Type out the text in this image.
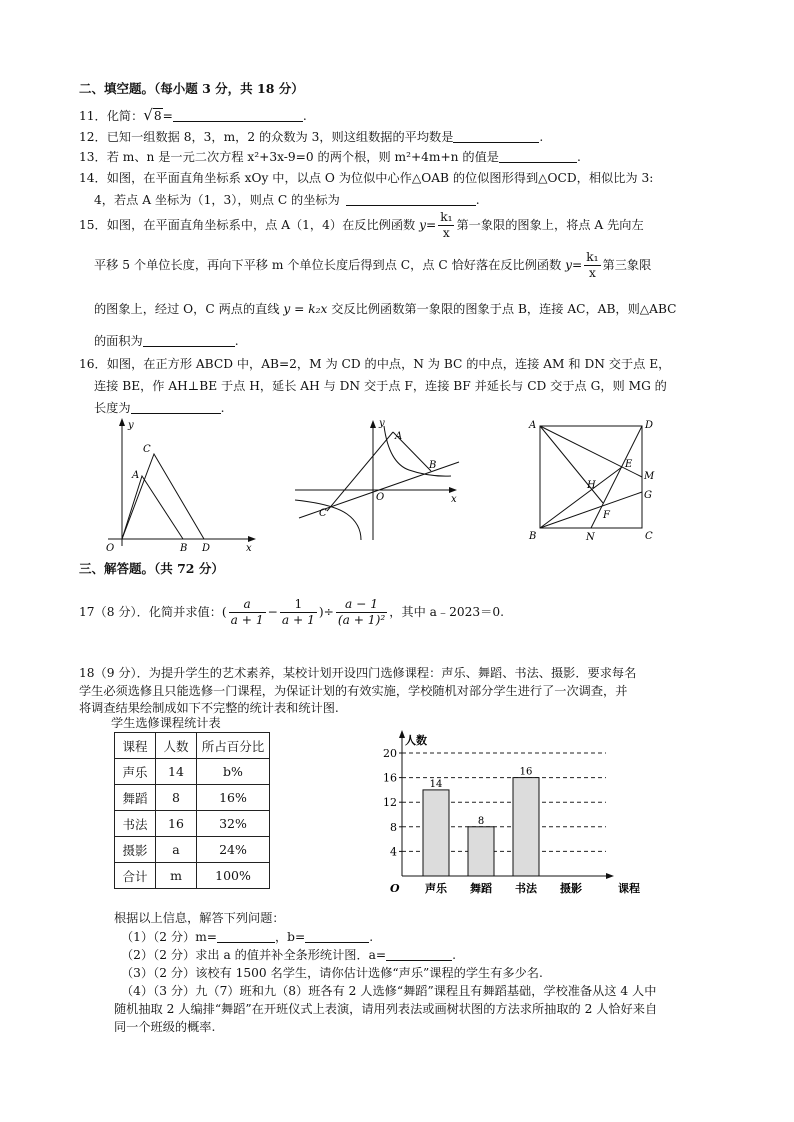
二、填空题。（每小题 3 分，共 18 分）
11．化简：√8=	.
12．已知一组数据 8，3，m，2 的众数为 3，则这组数据的平均数是	.
13．若 m、n 是一元二次方程 x²+3x-9=0 的两个根，则 m²+4m+n 的值是	.
14．如图，在平面直角坐标系 xOy 中，以点 O 为位似中心作△OAB 的位似图形得到△OCD，相似比为 3:
4，若点 A 坐标为（1，3），则点 C 的坐标为	.
15．如图，在平面直角坐标系中，点 A（1，4）在反比例函数 $y= \frac{\text{k₁}}{x}$ 第一象限的图象上，将点 A 先向左
平移 5 个单位长度，再向下平移 m 个单位长度后得到点 C，点 C 恰好落在反比例函数 $y= \frac{\text{k₁}}{x}$ 第三象限
的图象上，经过 O，C 两点的直线 y = k₂x 交反比例函数第一象限的图象于点 B，连接 AC，AB，则△ABC
的面积为	.
16．如图，在正方形 ABCD 中，AB=2，M 为 CD 的中点，N 为 BC 的中点，连接 AM 和 DN 交于点 E，
连接 BE，作 AH⊥BE 于点 H，延长 AH 与 DN 交于点 F，连接 BF 并延长与 CD 交于点 G，则 MG 的
长度为	.
y
x
O
A
B
C
D
y
x
O
A
B
C
A	D
B	C
E
M
G
H
F
N
三、解答题。（共 72 分）
17（8 分）．化简并求值：( $\frac{a}{a + 1} - \frac{1}{a + 1}$ )÷ $\frac{a - 1}{\text{(a + 1)²}}$ ，其中 a﹣2023＝0.
18（9 分）．为提升学生的艺术素养，某校计划开设四门选修课程：声乐、舞蹈、书法、摄影．要求每名
学生必须选修且只能选修一门课程，为保证计划的有效实施，学校随机对部分学生进行了一次调查，并
将调查结果绘制成如下不完整的统计表和统计图.
学生选修课程统计表
课程	人数	所占百分比
声乐	14	b%
舞蹈	8	16%
书法	16	32%
摄影	a	24%
合计	m	100%
4
8
12
16
20
人数
O	课程
声乐
14
舞蹈
8
书法
16
摄影
根据以上信息，解答下列问题：
（1）（2 分）m=	，b=	.
（2）（2 分）求出 a 的值并补全条形统计图．a=	.
（3）（2 分）该校有 1500 名学生，请你估计选修“声乐”课程的学生有多少名.
（4）（3 分）九（7）班和九（8）班各有 2 人选修“舞蹈”课程且有舞蹈基础，学校准备从这 4 人中
随机抽取 2 人编排“舞蹈”在开班仪式上表演，请用列表法或画树状图的方法求所抽取的 2 人恰好来自
同一个班级的概率.
